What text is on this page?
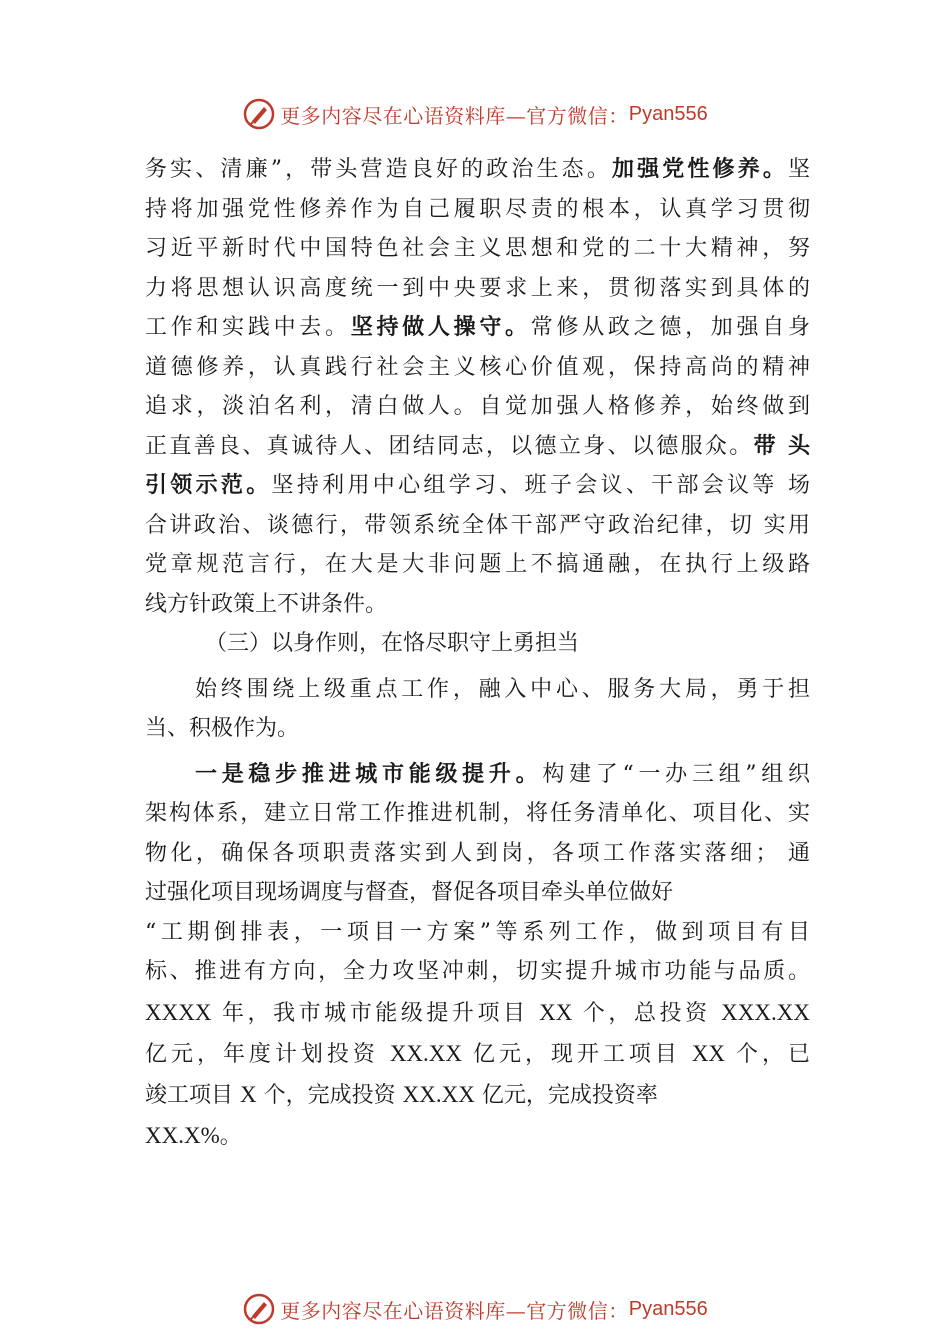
更多内容尽在心语资料库—官方微信： Pyan556
务实、清廉”，带头营造良好的政治生态。加强党性修养。坚
持将加强党性修养作为自己履职尽责的根本，认真学习贯彻
习近平新时代中国特色社会主义思想和党的二十大精神，努
力将思想认识高度统一到中央要求上来，贯彻落实到具体的
工作和实践中去。坚持做人操守。常修从政之德，加强自身
道德修养，认真践行社会主义核心价值观，保持高尚的精神
追求，淡泊名利，清白做人。自觉加强人格修养，始终做到
正直善良、真诚待人、团结同志，以德立身、以德服众。带 头
引领示范。坚持利用中心组学习、班子会议、干部会议等 场
合讲政治、谈德行，带领系统全体干部严守政治纪律，切 实用
党章规范言行，在大是大非问题上不搞通融，在执行上级路
线方针政策上不讲条件。
（三）以身作则，在恪尽职守上勇担当
始终围绕上级重点工作，融入中心、服务大局，勇于担
当、积极作为。
一是稳步推进城市能级提升。构建了“一办三组”组织
架构体系，建立日常工作推进机制，将任务清单化、项目化、实
物化，确保各项职责落实到人到岗，各项工作落实落细； 通
过强化项目现场调度与督查，督促各项目牵头单位做好
“工期倒排表，一项目一方案”等系列工作，做到项目有目
标、推进有方向，全力攻坚冲刺，切实提升城市功能与品质。
XXXX 年，我市城市能级提升项目 XX 个，总投资 XXX.XX
亿元，年度计划投资 XX.XX 亿元，现开工项目 XX 个，已
竣工项目 X 个，完成投资 XX.XX 亿元，完成投资率
XX.X%。
更多内容尽在心语资料库—官方微信： Pyan556
